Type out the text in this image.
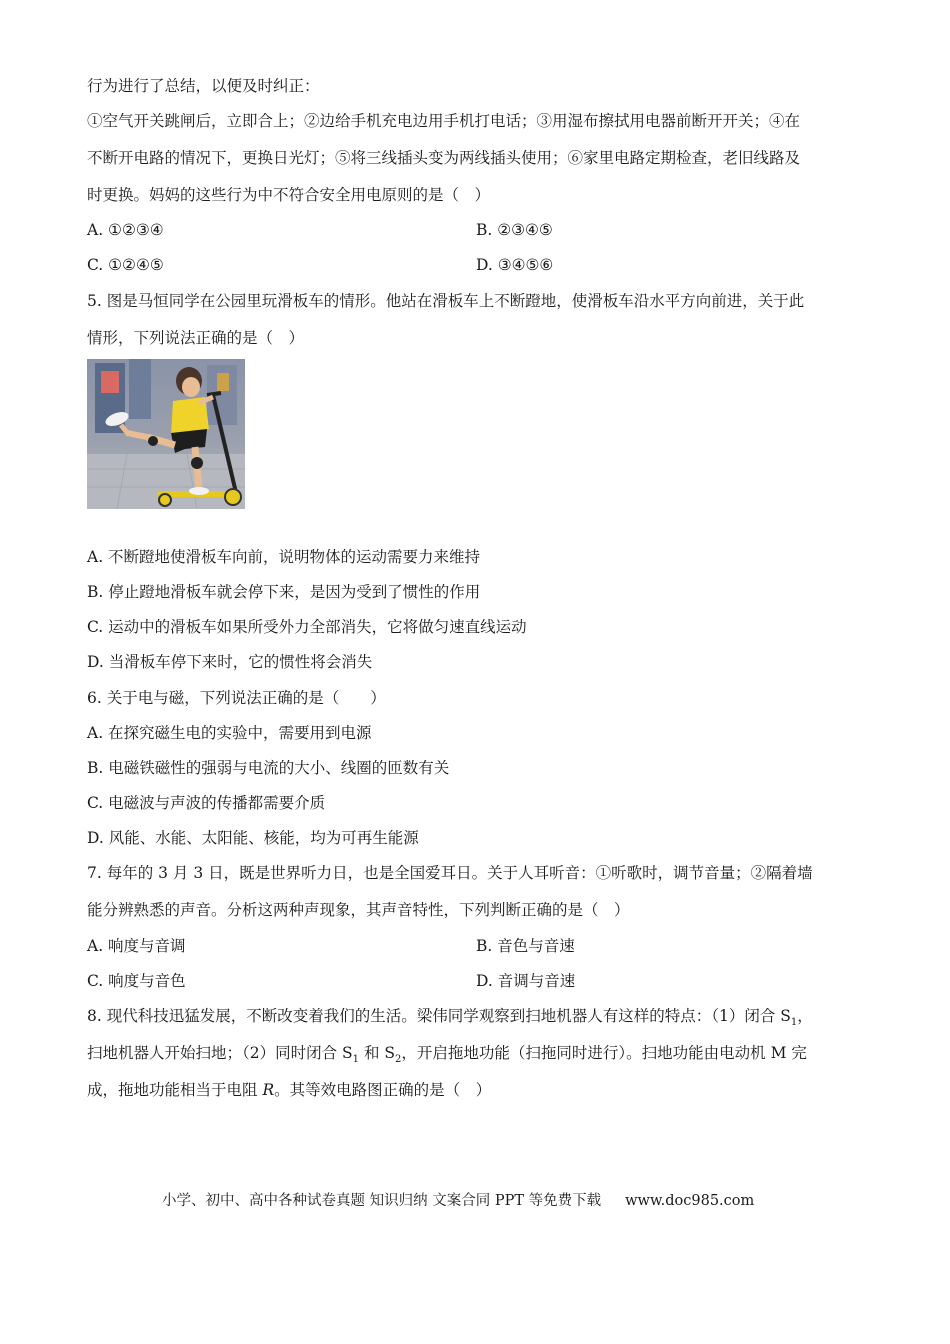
行为进行了总结，以便及时纠正：
①空气开关跳闸后，立即合上；②边给手机充电边用手机打电话；③用湿布擦拭用电器前断开开关；④在
不断开电路的情况下，更换日光灯；⑤将三线插头变为两线插头使用；⑥家里电路定期检查，老旧线路及
时更换。妈妈的这些行为中不符合安全用电原则的是（　）
A. ①②③④	B. ②③④⑤
C. ①②④⑤	D. ③④⑤⑥
5. 图是马恒同学在公园里玩滑板车的情形。他站在滑板车上不断蹬地，使滑板车沿水平方向前进，关于此
情形，下列说法正确的是（　）
A. 不断蹬地使滑板车向前，说明物体的运动需要力来维持
B. 停止蹬地滑板车就会停下来，是因为受到了惯性的作用
C. 运动中的滑板车如果所受外力全部消失，它将做匀速直线运动
D. 当滑板车停下来时，它的惯性将会消失
6. 关于电与磁，下列说法正确的是（　　）
A. 在探究磁生电的实验中，需要用到电源
B. 电磁铁磁性的强弱与电流的大小、线圈的匝数有关
C. 电磁波与声波的传播都需要介质
D. 风能、水能、太阳能、核能，均为可再生能源
7. 每年的 3 月 3 日，既是世界听力日，也是全国爱耳日。关于人耳听音：①听歌时，调节音量；②隔着墙
能分辨熟悉的声音。分析这两种声现象，其声音特性，下列判断正确的是（　）
A. 响度与音调	B. 音色与音速
C. 响度与音色	D. 音调与音速
8. 现代科技迅猛发展，不断改变着我们的生活。梁伟同学观察到扫地机器人有这样的特点：（1）闭合 $S_1$，
扫地机器人开始扫地；（2）同时闭合 $S_1$ 和 $S_2$，开启拖地功能（扫拖同时进行）。扫地功能由电动机 M 完
成，拖地功能相当于电阻 R。其等效电路图正确的是（　）
小学、初中、高中各种试卷真题 知识归纳 文案合同 PPT 等免费下载 www.doc985.com
